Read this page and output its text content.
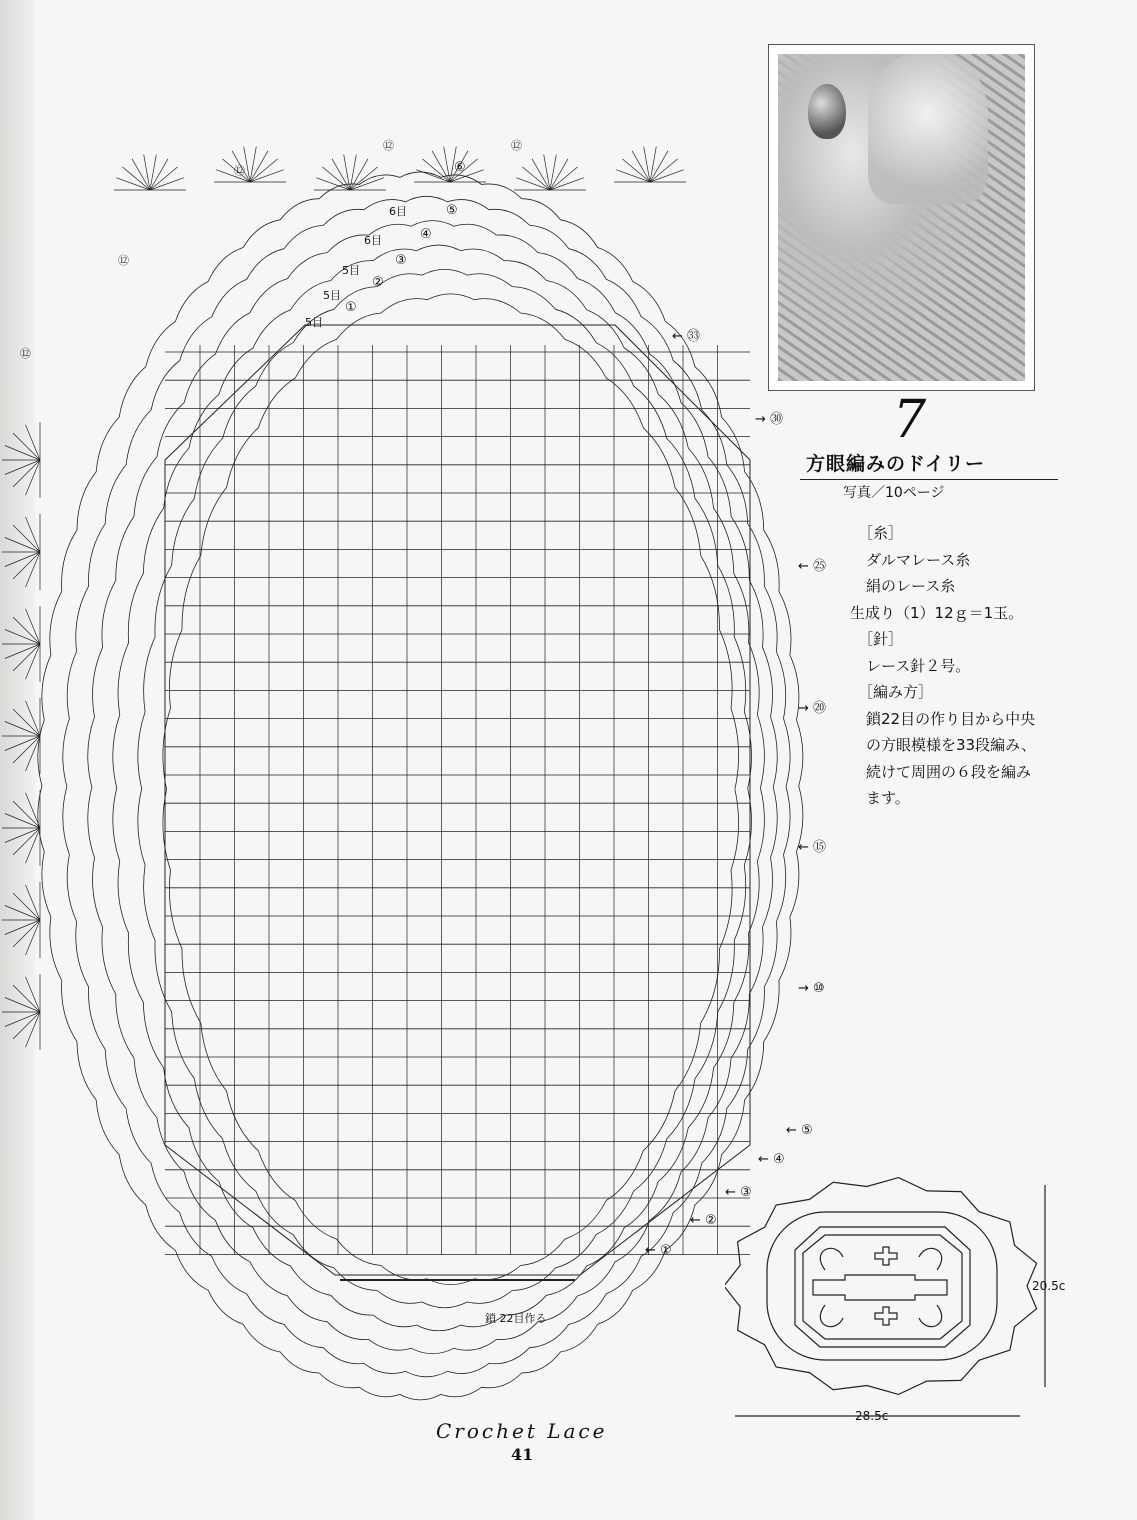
← ㉝
→ ㉚
← ㉕
→ ⑳
← ⑮
→ ⑩
← ⑤
← ④
← ③
← ②
← ①
①
②
③
④
⑤
⑥
5目
5目
5目
6目
6目
⑫
⑫	⑫
⑫
⑫
鎖 22目作る
7
方眼編みのドイリー
写真／10ページ
［糸］
ダルマレース糸
絹のレース糸
生成り（1）12ｇ＝1玉。
［針］
レース針２号。
［編み方］
鎖22目の作り目から中央
の方眼模様を33段編み、
続けて周囲の６段を編み
ます。
28.5c
20.5c
Crochet Lace
41
